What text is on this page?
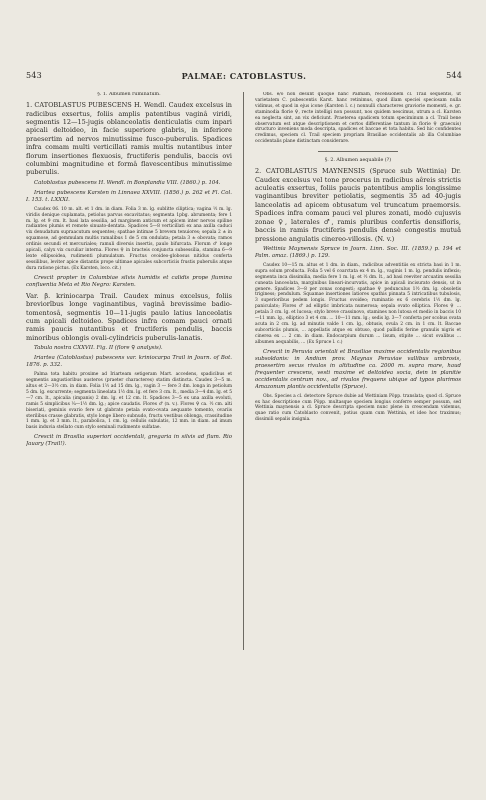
543	PALMAE: CATOBLASTUS.	544

§. 1. Albumen ruminatum.

1. CATOBLASTUS PUBESCENS H. Wendl. Caudex excelsus in radicibus exsertus, foliis amplis patentibus vaginâ viridi, segmentis 12—15-jugis oblanceolatis denticulatis cum inpari apicali deltoideo, in facie superiore glabris, in inferiore praesertim ad nervos minutissime fusco-puberulis. Spadices infra comam multi verticillati ramis multis nutantibus inter florum insertiones flexuosis, fructiferis pendulis, baccis ovi columbini magnitudine et formâ flavescentibus minutissime puberulis.

Catoblastus pubescens H. Wendl. in Bonplandia VIII. (1860.) p. 104.

Iriartea pubescens Karsten in Linnaea XXVIII. (1856.) p. 262 et Fl. Col. I. 153. t. LXXXI.

Caudex 06. 10 m. alt. et 1 dm. in diam. Folia 3 m. lg. sublitte ciliptica; vagina ½ m. lg. viridis denique cuplamata, petiolus parvus excavitatus; segmenta 1pbg. abrumenta; fere 1 m. lg. et 9 cm. lt. basi lata sessilia, ad marginem anticum et apicem inter nervos spiline radiantes plumis et remote sinuato-dentata. Spadices 5—8 verticillati ex ana axilla caduci vix denudatum supraacutum sequentes; spathae intimae 5 brevem tenuiores; sepala 2 ± in squamose, ad gemmulam multis ramalibus 1 de 5 cm ondulata; petala 3 ± obovata; ramos ordinis secundi et mercuriales; ramuli diversis insertis, paulo bifurcata. Florum ♂ longe apicali, calyx vix cuculiar interna. Flores ♀ in bracteis conjuncta subsessilia, stamina 6—9 lexte ellipsoidea, rudimenti plumulatum. Fructus ovoideo-globosus nitidus conferta sessilibus, leviter apice distantis prope ultimae apicales subcorticiis frustis puberulis atque dura ratione pictus. (Ex Karsten, loco. cit.)

Crescit propter in Columbiae silvis humidis et calidis prope flumina confluentia Meta et Rio Negro: Karsten.

Var. β. kriniocarpa Trail. Caudex minus excelsus, foliis breviorîbus longe vaginantibus, vaginâ brevissime badio-tomentosâ, segmentis 10—11-jugis paulo latius lanceolatis cum apicali deltoideo. Spadices infra comam pauci ornati ramis paucis nutantibus et fructiferis pendulis, baccis minoribus oblongis ovali-cylindricis puberulis-lanatis.

Tabula nostra CXXVII. Fig. II (flore ♀ analysis).

Iriartea (Catoblastus) pubescens var. kriniocarpa Trail in Journ. of Bot. 1876. p. 332.

Palma tota habitu proxime ad Iriarteam setigeram Mart. accedens, spadicibus et segmentis angustioribus austeros (praeter characteres) statim distincta. Caudex 3—5 m. altus et 2—3½ cm. in diam. Folia 1½ ad 15 dm. lg., vagin 3 — fere 3 dm. longa in petiolum 5 dm. lg. excurrente; segmenta lineolata 1½ dm. lg. et fere 3 cm. lt., media 3—4 dm. lg. et 5—7 cm. lt., apicalia (impanis) 2 dm. lg. et 12 cm. lt. Spadices 3—5 ex una axilla evoluti, ramis 5 simplicibus ¼—1½ dm. lg.; apice caudatis. Flores ♂ (n. v.). Flores ♀ ca. ½ cm. alti biseriati, geminis ovario fere ut glabrato petala ovato-ovata aequante tomento, ovariis sterilibus crasse glabratis, stylo longe libero subnudo, fructu vestibus oblonga, crassitudine 1 mm. lg. et 3 mm. lt., parabolica, 1 cm. lg. cellulis subulatis, 12 mm. in diam. ad imum basis induvia stellato cum stylo seminali rudimento sulfatae.

Crescit in Brasilia superiori occidentali, gregaria in silvis ad flum. Rio Jauary (Trail!).

Obs. e/o non desunt quoque hanc Palmam, recensionem cl. Trail sequentis, ut varietatem C. pubescentis Karst. hanc retinimus, quod illam speciei speciosam nulla vidimus, et quod in ejus icone (Karsten l. c.) nonnulli characteres graviorie momenti, e. gr. staminodia florie ♀, recte intelligi non possunt, nos quidem nescimus, utrum a cl. Karsten ea neglecta sint, an vix deficiunt. Praeterea spadicem totum speciminum a cl. Trail bene observatum est atque descriptionem et certos differentiae tantum in florie ♀ graecuis) structuro inveniens moda descripta, spadices et baccae et tota habitu. Sed hic confidentes credimus, speciem cl. Trail speciem propriam Brasiliae occidentalis ab illa Columbiae occidentalis plane distinctam considerare.

§. 2. Albumen aequabile (?)

2. CATOBLASTUS MAYNENSIS (Spruce sub Wettinia) Dr. Caudex excelsus vel tone procerus in radicibus aêreis strictis aculeatis exsertus, foliis paucis patentibus amplis longissime vaginantibus breviter petiolatis, segmentis 35 ad 40-jugis lanceolatis ad apicem obtusatum vel truncatum praemorsis. Spadices infra comam pauci vel plures zonati, modò cujusvis zonae ♀, laterales ♂, ramis pluribus confertis densifloris, baccis in ramis fructiferis pendulis densè congestis mutuâ pressione angulatis cinereo-villosis. (N. v.)

Wettinia Maynensis Spruce in Journ. Linn. Soc. III. (1859.) p. 194 et Palm. amaz. (1869.) p. 129.

Caudex 10—15 m. altus et 1 dm. in diam., radicibus adventitiis ex stricta basi in 1 m. supra solum producta. Folia 5 vel 6 coarctata ex 4 m. lg., vaginis 1 m. lg. pendulis inflexis; segmenta inca dissimilia, media fere 1 m. lg. et ½ dm. lt., ad basi reeviter arcuatim sessilia cuneata lanceolata, marginibus lineari-incurvatis, apice in apicali incisurato densis, ut in genere. Spadices 3—8 per zonas congesti; spathae ♀ pedunculus 1½ dm. lg. obsoletis triginess; pendulum. Squamae insertiones latiores spathis pinnata 5 intricatibus tubulosis, 3 superioribus pedem longis. Fructus ovoideo; ruminatio ex 6 cerebris 1½ dm. lg. paniculato; Flores ♂ ad elliptic imbricata numerosa; sepala ovato elliptica. Flores ♀ ... petala 3 cm. lg. et lucosa; stylo breve crassinovo, stamines non lutosa et medio in baccis 10—11 mm. lg., elliptico 3 et 4 cm. ... 10—11 mm. lg.; sedis lg. 3—7 conferta per scobus ovata acuta in 2 cm. lg. ad minutis valde 1 cm. lg., obtusis, ovula 2 cm. in 1 cm. lt. Baccae subcorticiis plumis, ... appellatis atque ex obtuso, quod pallidis ferine granulis nigris et cinerea ex ... 2 cm. in diam. Endocarpium durum ... lisum, stipite ... sicut ovalibus ... albumen aequabilis, ... (Ex Spruce l. c.)

Crescit in Peruvia orientali et Brasiliae maxime occidentalis regionibus subsoldanis: in Andium prov. Maynas Peruviae vallibus umbrosis, praesertim secus rivulos in altitudine ca. 2000 m. supra mare, haud frequenter crescens, vesti maxime et deltoidea socia, dein in planitie occidentalis centrum nov., ad rivulos frequens ubique ad typos plurimos Amazonum plantis occidentalis (Spruce).

Obs. Species a cl. detectore Spruce dubie ad Wettiniam Pöpp. translata; quod cl. Spruce ex hac descriptione cum Pöpp. multasque speciem longius conferre semper possum, sed Wettinia maynensis a cl. Spruce descripta speciem nunc plene in crescendam videmus, quae ratio cum Catoblasto convenit, potius quam cum Wettinia, et ideo hoc traximus; dissimili sepalis insignia.
